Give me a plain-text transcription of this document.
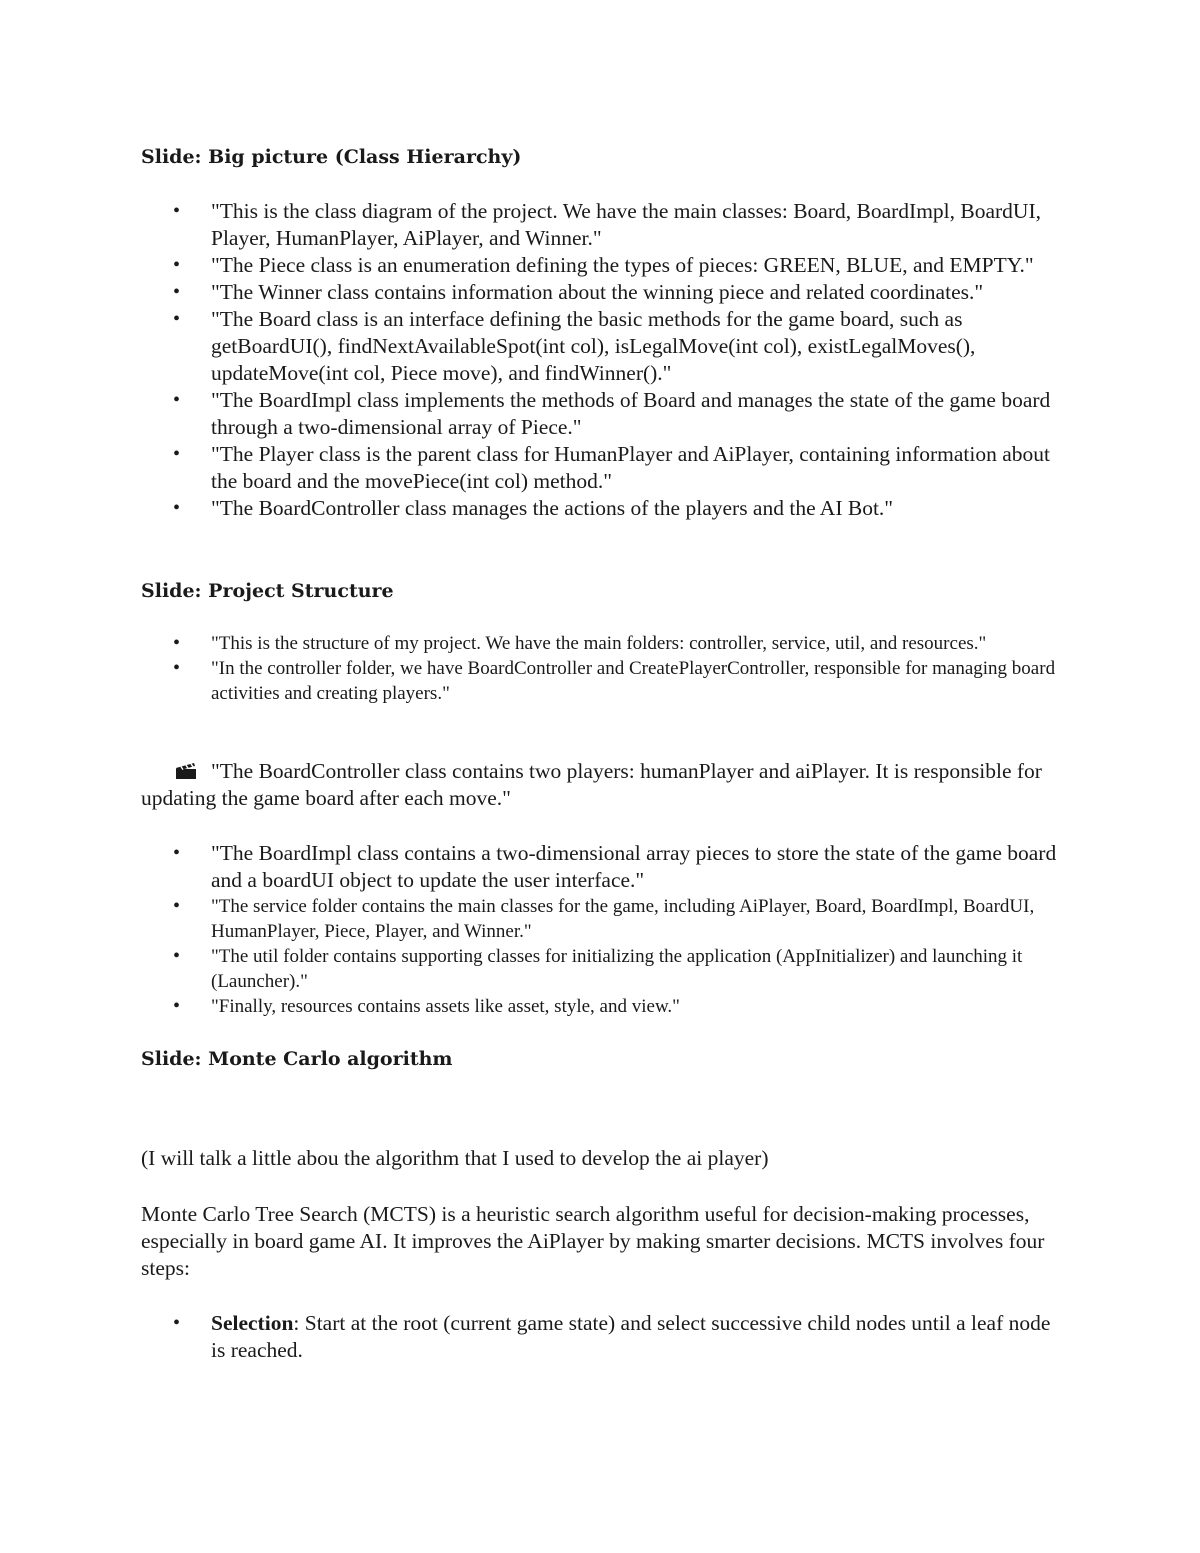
Slide: Big picture (Class Hierarchy)
• "This is the class diagram of the project. We have the main classes: Board, BoardImpl, BoardUI, Player, HumanPlayer, AiPlayer, and Winner."
• "The Piece class is an enumeration defining the types of pieces: GREEN, BLUE, and EMPTY."
• "The Winner class contains information about the winning piece and related coordinates."
• "The Board class is an interface defining the basic methods for the game board, such as getBoardUI(), findNextAvailableSpot(int col), isLegalMove(int col), existLegalMoves(), updateMove(int col, Piece move), and findWinner()."
• "The BoardImpl class implements the methods of Board and manages the state of the game board through a two-dimensional array of Piece."
• "The Player class is the parent class for HumanPlayer and AiPlayer, containing information about the board and the movePiece(int col) method."
• "The BoardController class manages the actions of the players and the AI Bot."
Slide: Project Structure
• "This is the structure of my project. We have the main folders: controller, service, util, and resources."
• "In the controller folder, we have BoardController and CreatePlayerController, responsible for managing board activities and creating players."

"The BoardController class contains two players: humanPlayer and aiPlayer. It is responsible for updating the game board after each move."

• "The BoardImpl class contains a two-dimensional array pieces to store the state of the game board and a boardUI object to update the user interface."
• "The service folder contains the main classes for the game, including AiPlayer, Board, BoardImpl, BoardUI, HumanPlayer, Piece, Player, and Winner."
• "The util folder contains supporting classes for initializing the application (AppInitializer) and launching it (Launcher)."
• "Finally, resources contains assets like asset, style, and view."
Slide: Monte Carlo algorithm

(I will talk a little abou the algorithm that I used to develop the ai player)

Monte Carlo Tree Search (MCTS) is a heuristic search algorithm useful for decision-making processes, especially in board game AI. It improves the AiPlayer by making smarter decisions. MCTS involves four steps:

• Selection: Start at the root (current game state) and select successive child nodes until a leaf node is reached.
